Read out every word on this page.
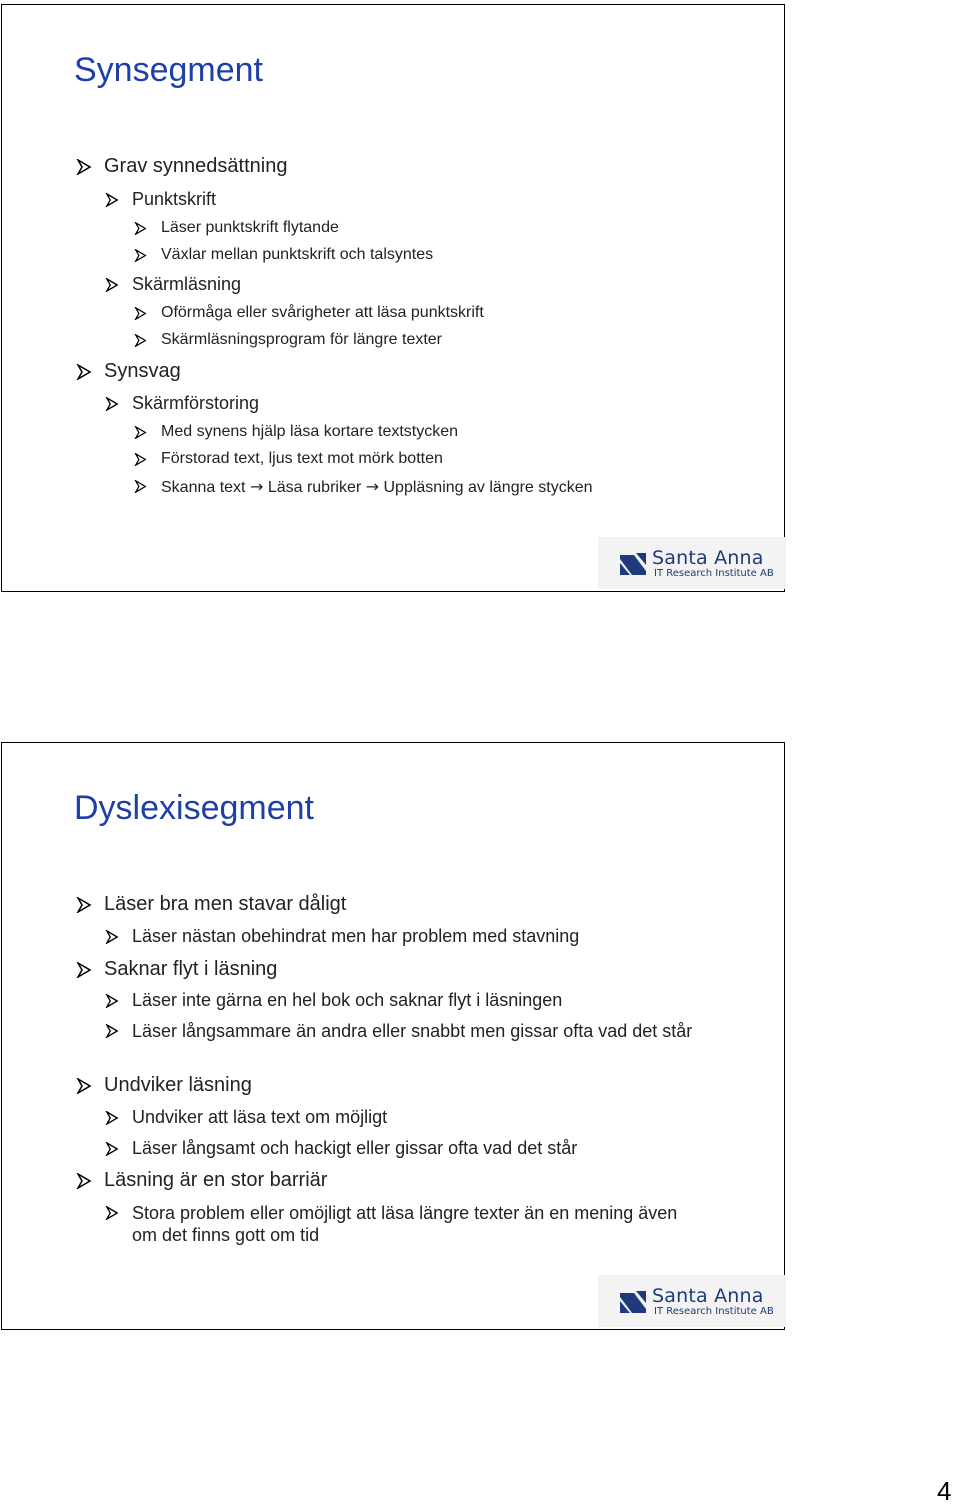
Synsegment
Grav synnedsättning
Punktskrift
Läser punktskrift flytande
Växlar mellan punktskrift och talsyntes
Skärmläsning
Oförmåga eller svårigheter att läsa punktskrift
Skärmläsningsprogram för längre texter
Synsvag
Skärmförstoring
Med synens hjälp läsa kortare textstycken
Förstorad text, ljus text mot mörk botten
Skanna text → Läsa rubriker → Uppläsning av längre stycken
Santa Anna
IT Research Institute AB
Dyslexisegment
Läser bra men stavar dåligt
Läser nästan obehindrat men har problem med stavning
Saknar flyt i läsning
Läser inte gärna en hel bok och saknar flyt i läsningen
Läser långsammare än andra eller snabbt men gissar ofta vad det står
Undviker läsning
Undviker att läsa text om möjligt
Läser långsamt och hackigt eller gissar ofta vad det står
Läsning är en stor barriär
Stora problem eller omöjligt att läsa längre texter än en mening även om det finns gott om tid
Santa Anna
IT Research Institute AB
4
